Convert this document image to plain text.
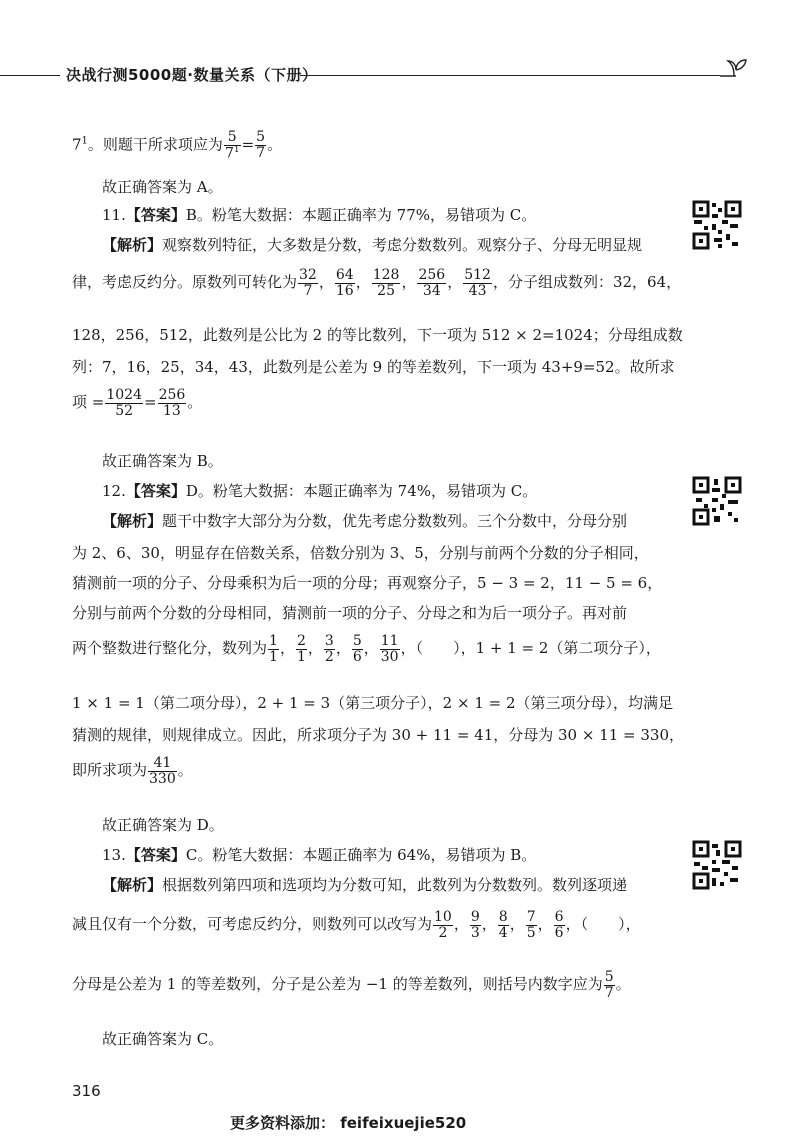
决战行测5000题·数量关系（下册）
$7^1$。则题干所求项应为 $\frac{5}{7^1} = \frac{5}{7}$ 。
故正确答案为 A。
11.【答案】B。粉笔大数据：本题正确率为 77%，易错项为 C。
【解析】观察数列特征，大多数是分数，考虑分数数列。观察分子、分母无明显规
律，考虑反约分。原数列可转化为 $\frac{32}{7}$ ， $\frac{64}{16}$ ， $\frac{128}{25}$ ， $\frac{256}{34}$ ， $\frac{512}{43}$ ，分子组成数列：32，64，
128，256，512，此数列是公比为 2 的等比数列，下一项为 512 × 2=1024；分母组成数
列：7，16，25，34，43，此数列是公差为 9 的等差数列，下一项为 43+9=52。故所求
项 = $\frac{1024}{52} = \frac{256}{13}$ 。
故正确答案为 B。
12.【答案】D。粉笔大数据：本题正确率为 74%，易错项为 C。
【解析】题干中数字大部分为分数，优先考虑分数数列。三个分数中，分母分别
为 2、6、30，明显存在倍数关系，倍数分别为 3、5，分别与前两个分数的分子相同，
猜测前一项的分子、分母乘积为后一项的分母；再观察分子，5 − 3 = 2，11 − 5 = 6，
分别与前两个分数的分母相同，猜测前一项的分子、分母之和为后一项分子。再对前
两个整数进行整化分，数列为 $\frac{1}{1}$ ， $\frac{2}{1}$ ， $\frac{3}{2}$ ， $\frac{5}{6}$ ， $\frac{11}{30}$ ，（　　），1 + 1 = 2（第二项分子），
1 × 1 = 1（第二项分母），2 + 1 = 3（第三项分子），2 × 1 = 2（第三项分母），均满足
猜测的规律，则规律成立。因此，所求项分子为 30 + 11 = 41，分母为 30 × 11 = 330，
即所求项为 $\frac{41}{330}$ 。
故正确答案为 D。
13.【答案】C。粉笔大数据：本题正确率为 64%，易错项为 B。
【解析】根据数列第四项和选项均为分数可知，此数列为分数数列。数列逐项递
减且仅有一个分数，可考虑反约分，则数列可以改写为 $\frac{10}{2}$ ， $\frac{9}{3}$ ， $\frac{8}{4}$ ， $\frac{7}{5}$ ， $\frac{6}{6}$ ，（　　），
分母是公差为 1 的等差数列，分子是公差为 −1 的等差数列，则括号内数字应为 $\frac{5}{7}$ 。
故正确答案为 C。
316
更多资料添加： feifeixuejie520
